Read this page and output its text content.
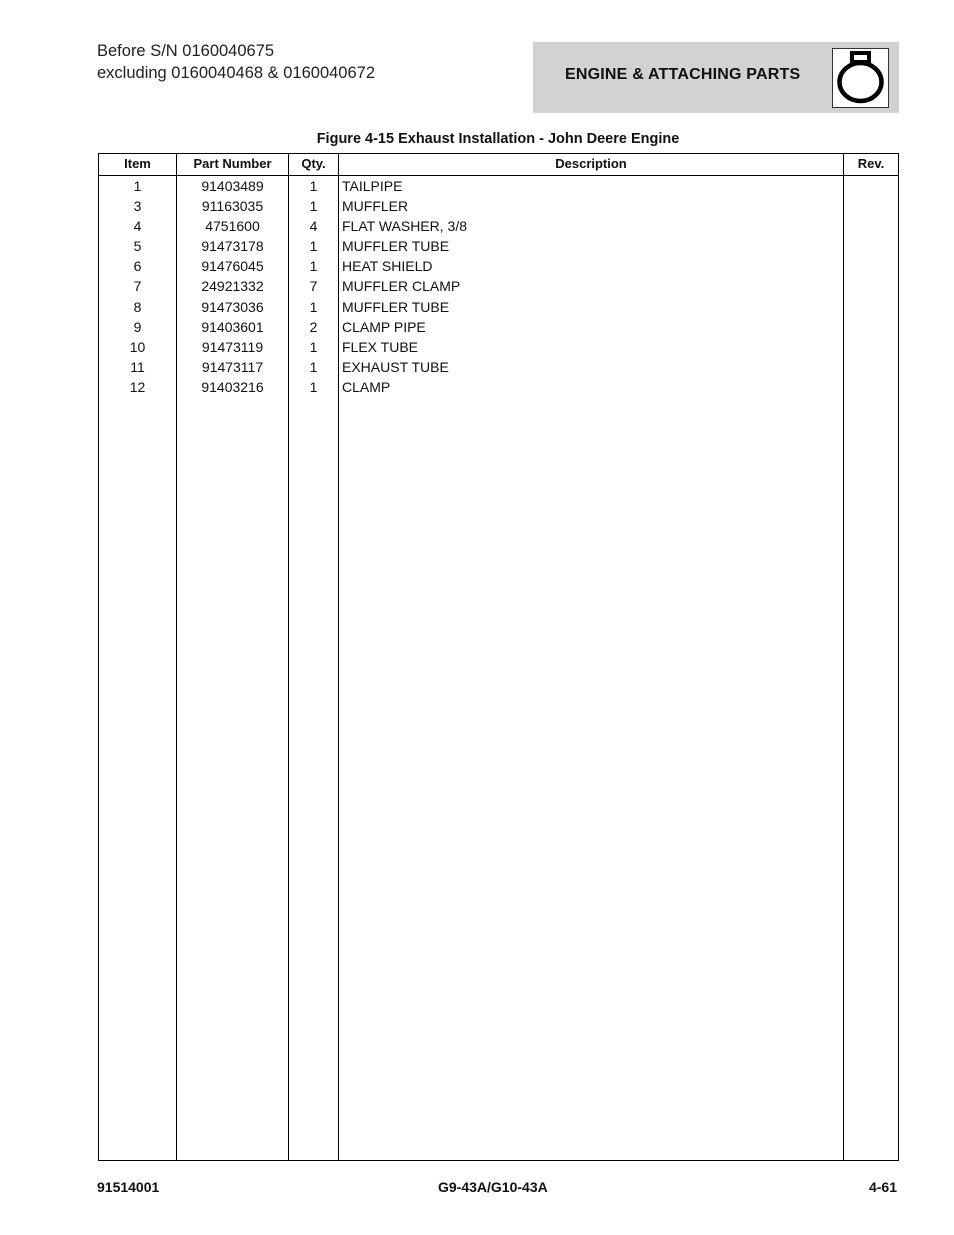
Before S/N 0160040675
excluding 0160040468 & 0160040672	ENGINE & ATTACHING PARTS
Figure 4-15 Exhaust Installation - John Deere Engine
Item	Part Number	Qty.	Description	Rev.
1	91403489	1	TAILPIPE
3	91163035	1	MUFFLER
4	4751600	4	FLAT WASHER, 3/8
5	91473178	1	MUFFLER TUBE
6	91476045	1	HEAT SHIELD
7	24921332	7	MUFFLER CLAMP
8	91473036	1	MUFFLER TUBE
9	91403601	2	CLAMP PIPE
10	91473119	1	FLEX TUBE
11	91473117	1	EXHAUST TUBE
12	91403216	1	CLAMP
91514001	G9-43A/G10-43A	4-61
